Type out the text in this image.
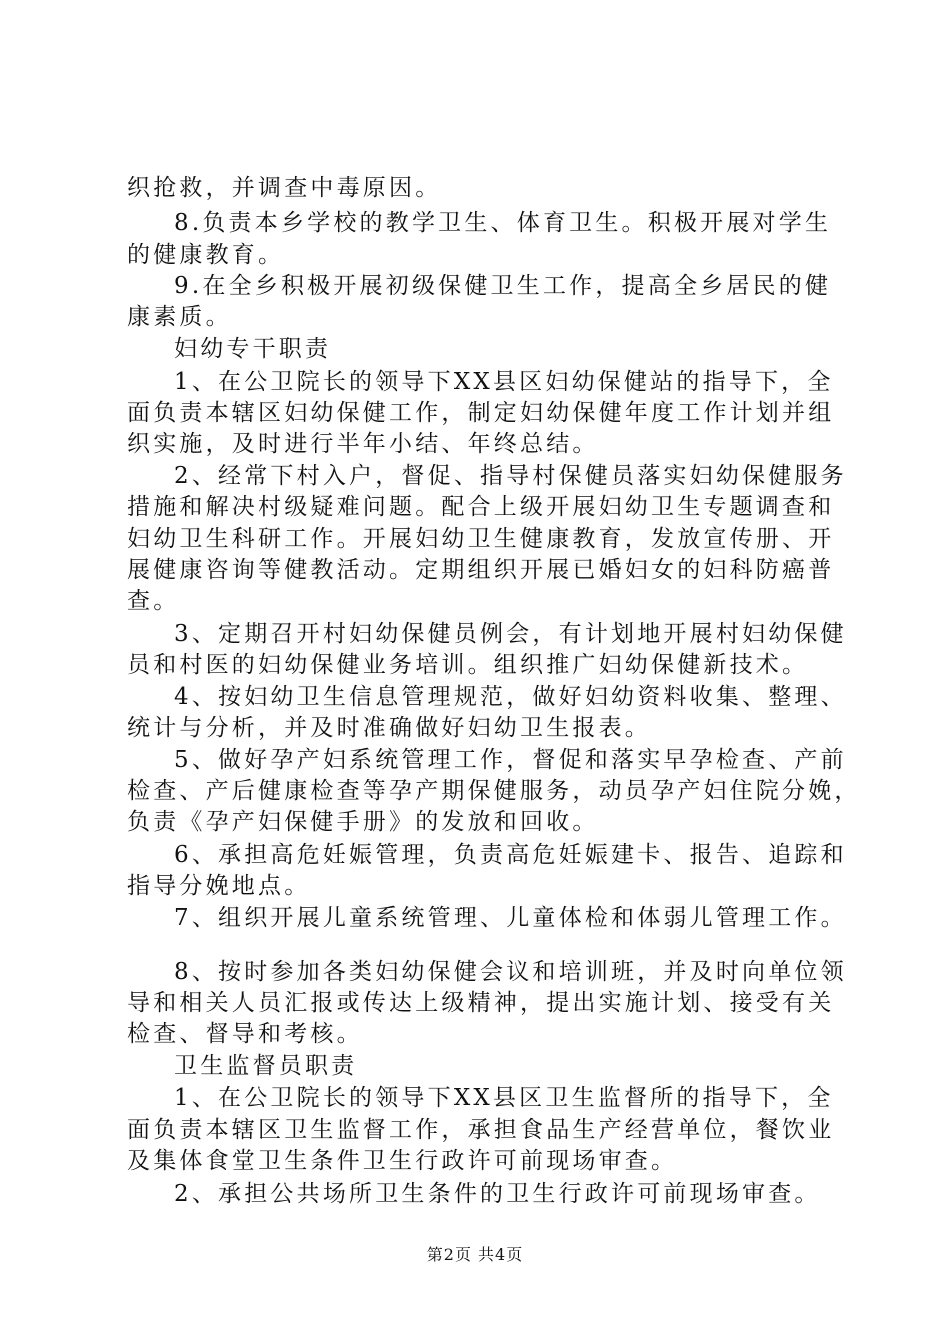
织抢救，并调查中毒原因。
8.负责本乡学校的教学卫生、体育卫生。积极开展对学生
的健康教育。
9.在全乡积极开展初级保健卫生工作，提高全乡居民的健
康素质。
妇幼专干职责
1、在公卫院长的领导下XX县区妇幼保健站的指导下，全
面负责本辖区妇幼保健工作，制定妇幼保健年度工作计划并组
织实施，及时进行半年小结、年终总结。
2、经常下村入户，督促、指导村保健员落实妇幼保健服务
措施和解决村级疑难问题。配合上级开展妇幼卫生专题调查和
妇幼卫生科研工作。开展妇幼卫生健康教育，发放宣传册、开
展健康咨询等健教活动。定期组织开展已婚妇女的妇科防癌普
查。
3、定期召开村妇幼保健员例会，有计划地开展村妇幼保健
员和村医的妇幼保健业务培训。组织推广妇幼保健新技术。
4、按妇幼卫生信息管理规范，做好妇幼资料收集、整理、
统计与分析，并及时准确做好妇幼卫生报表。
5、做好孕产妇系统管理工作，督促和落实早孕检查、产前
检查、产后健康检查等孕产期保健服务，动员孕产妇住院分娩，
负责《孕产妇保健手册》的发放和回收。
6、承担高危妊娠管理，负责高危妊娠建卡、报告、追踪和
指导分娩地点。
7、组织开展儿童系统管理、儿童体检和体弱儿管理工作。
8、按时参加各类妇幼保健会议和培训班，并及时向单位领
导和相关人员汇报或传达上级精神，提出实施计划、接受有关
检查、督导和考核。
卫生监督员职责
1、在公卫院长的领导下XX县区卫生监督所的指导下，全
面负责本辖区卫生监督工作，承担食品生产经营单位，餐饮业
及集体食堂卫生条件卫生行政许可前现场审查。
2、承担公共场所卫生条件的卫生行政许可前现场审查。
第2页 共4页
